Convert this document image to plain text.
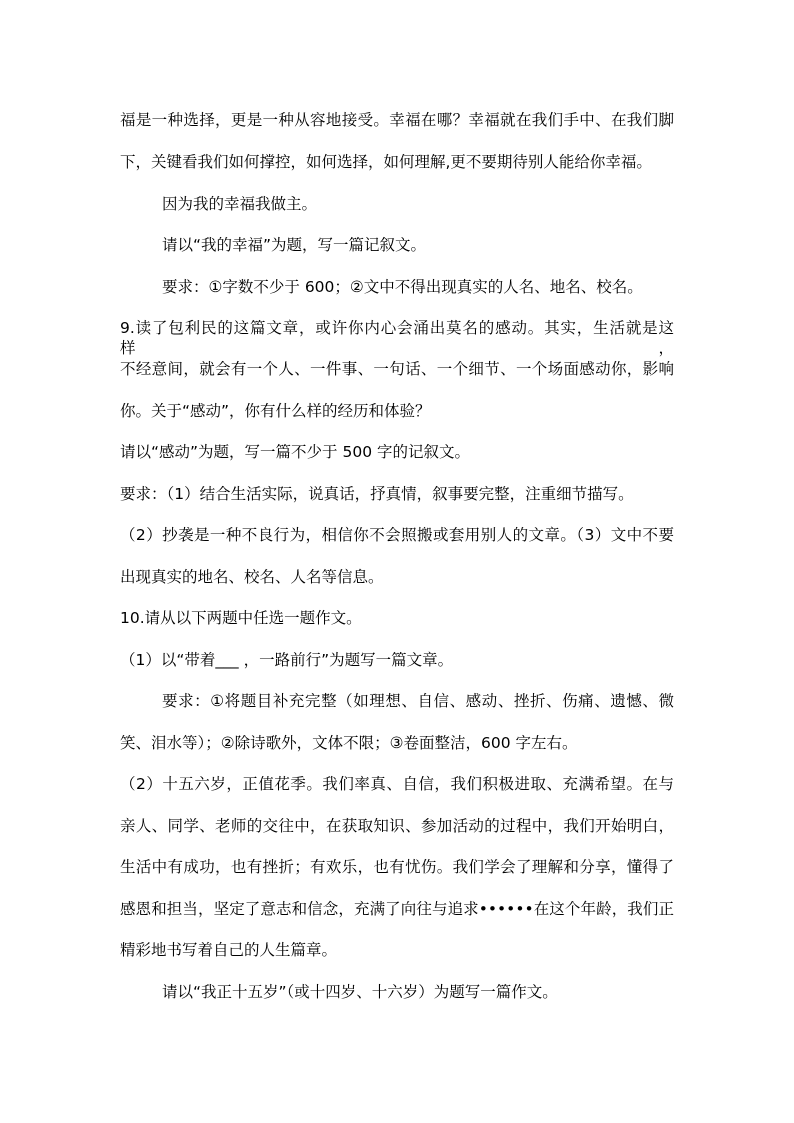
福是一种选择，更是一种从容地接受。幸福在哪？幸福就在我们手中、在我们脚
下，关键看我们如何撑控，如何选择，如何理解,更不要期待别人能给你幸福。
因为我的幸福我做主。
请以“我的幸福”为题，写一篇记叙文。
要求：①字数不少于 600；②文中不得出现真实的人名、地名、校名。
9.读了包利民的这篇文章，或许你内心会涌出莫名的感动。其实，生活就是这样，
不经意间，就会有一个人、一件事、一句话、一个细节、一个场面感动你，影响
你。关于“感动”，你有什么样的经历和体验？
请以“感动”为题，写一篇不少于 500 字的记叙文。
要求：（1）结合生活实际，说真话，抒真情，叙事要完整，注重细节描写。
（2）抄袭是一种不良行为，相信你不会照搬或套用别人的文章。（3）文中不要
出现真实的地名、校名、人名等信息。
10.请从以下两题中任选一题作文。
（1）以“带着___ ，一路前行”为题写一篇文章。
要求：①将题目补充完整（如理想、自信、感动、挫折、伤痛、遗憾、微
笑、泪水等）；②除诗歌外，文体不限；③卷面整洁，600 字左右。
（2）十五六岁，正值花季。我们率真、自信，我们积极进取、充满希望。在与
亲人、同学、老师的交往中，在获取知识、参加活动的过程中，我们开始明白，
生活中有成功，也有挫折；有欢乐，也有忧伤。我们学会了理解和分享，懂得了
感恩和担当，坚定了意志和信念，充满了向往与追求••••••在这个年龄，我们正
精彩地书写着自己的人生篇章。
请以“我正十五岁”（或十四岁、十六岁）为题写一篇作文。
